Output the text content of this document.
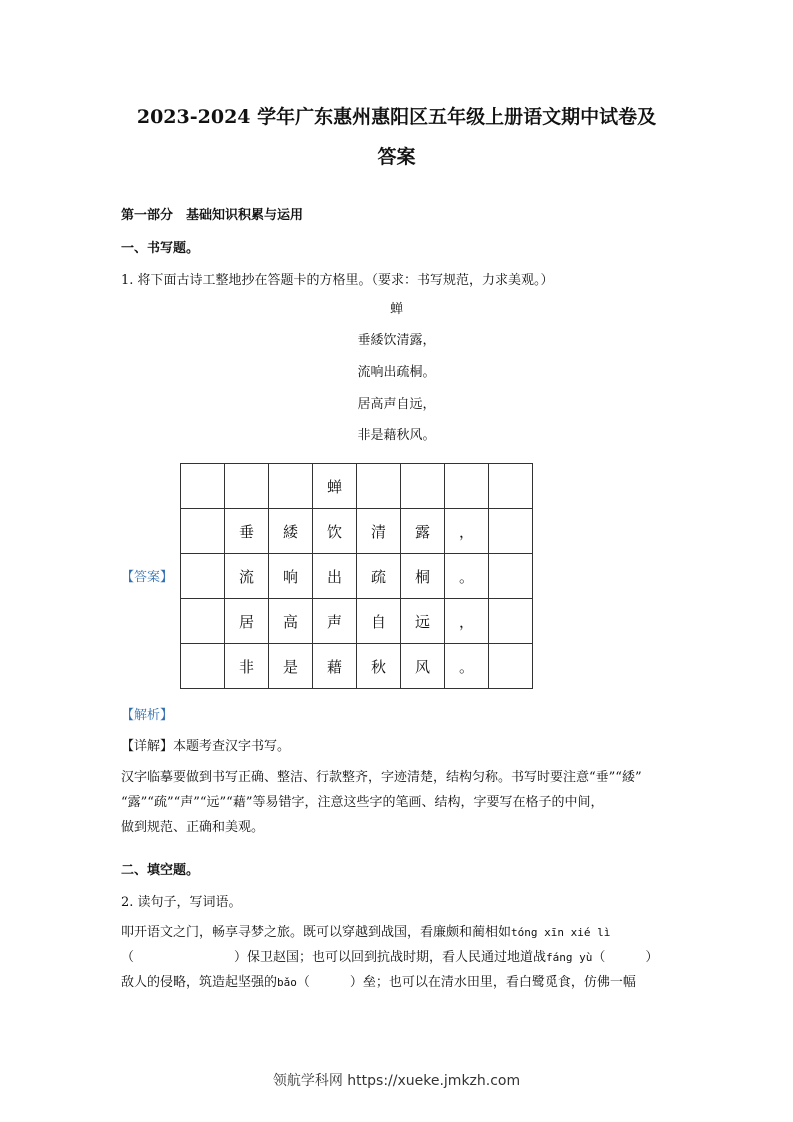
2023-2024 学年广东惠州惠阳区五年级上册语文期中试卷及
答案
第一部分　基础知识积累与运用
一、书写题。
1. 将下面古诗工整地抄在答题卡的方格里。（要求：书写规范，力求美观。）
蝉
垂緌饮清露，
流响出疏桐。
居高声自远，
非是藉秋风。
【答案】
			蝉				
	垂	緌	饮	清	露	，	
	流	响	出	疏	桐	。	
	居	高	声	自	远	，	
	非	是	藉	秋	风	。	
【解析】
【详解】本题考查汉字书写。
汉字临摹要做到书写正确、整洁、行款整齐，字迹清楚，结构匀称。书写时要注意“垂”“緌”
“露”“疏”“声”“远”“藉”等易错字，注意这些字的笔画、结构，字要写在格子的中间，
做到规范、正确和美观。
二、填空题。
2. 读句子，写词语。
叩开语文之门，畅享寻梦之旅。既可以穿越到战国，看廉颇和蔺相如tóng xīn xié lì
（	）保卫赵国；也可以回到抗战时期，看人民通过地道战fáng yù（	）
敌人的侵略，筑造起坚强的bǎo（	）垒；也可以在清水田里，看白鹭觅食，仿佛一幅
领航学科网 https://xueke.jmkzh.com
